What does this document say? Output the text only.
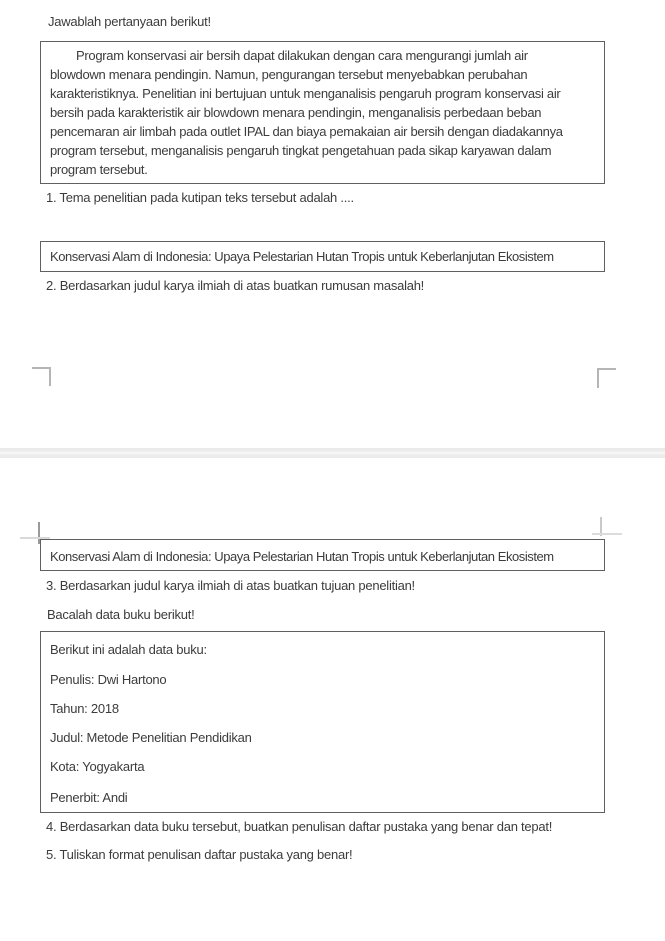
Jawablah pertanyaan berikut!
Program konservasi air bersih dapat dilakukan dengan cara mengurangi jumlah air
blowdown menara pendingin. Namun, pengurangan tersebut menyebabkan perubahan
karakteristiknya. Penelitian ini bertujuan untuk menganalisis pengaruh program konservasi air
bersih pada karakteristik air blowdown menara pendingin, menganalisis perbedaan beban
pencemaran air limbah pada outlet IPAL dan biaya pemakaian air bersih dengan diadakannya
program tersebut, menganalisis pengaruh tingkat pengetahuan pada sikap karyawan dalam
program tersebut.
1. Tema penelitian pada kutipan teks tersebut adalah ....
Konservasi Alam di Indonesia: Upaya Pelestarian Hutan Tropis untuk Keberlanjutan Ekosistem
2. Berdasarkan judul karya ilmiah di atas buatkan rumusan masalah!
Konservasi Alam di Indonesia: Upaya Pelestarian Hutan Tropis untuk Keberlanjutan Ekosistem
3. Berdasarkan judul karya ilmiah di atas buatkan tujuan penelitian!
Bacalah data buku berikut!
Berikut ini adalah data buku:
Penulis: Dwi Hartono
Tahun: 2018
Judul: Metode Penelitian Pendidikan
Kota: Yogyakarta
Penerbit: Andi
4. Berdasarkan data buku tersebut, buatkan penulisan daftar pustaka yang benar dan tepat!
5. Tuliskan format penulisan daftar pustaka yang benar!
